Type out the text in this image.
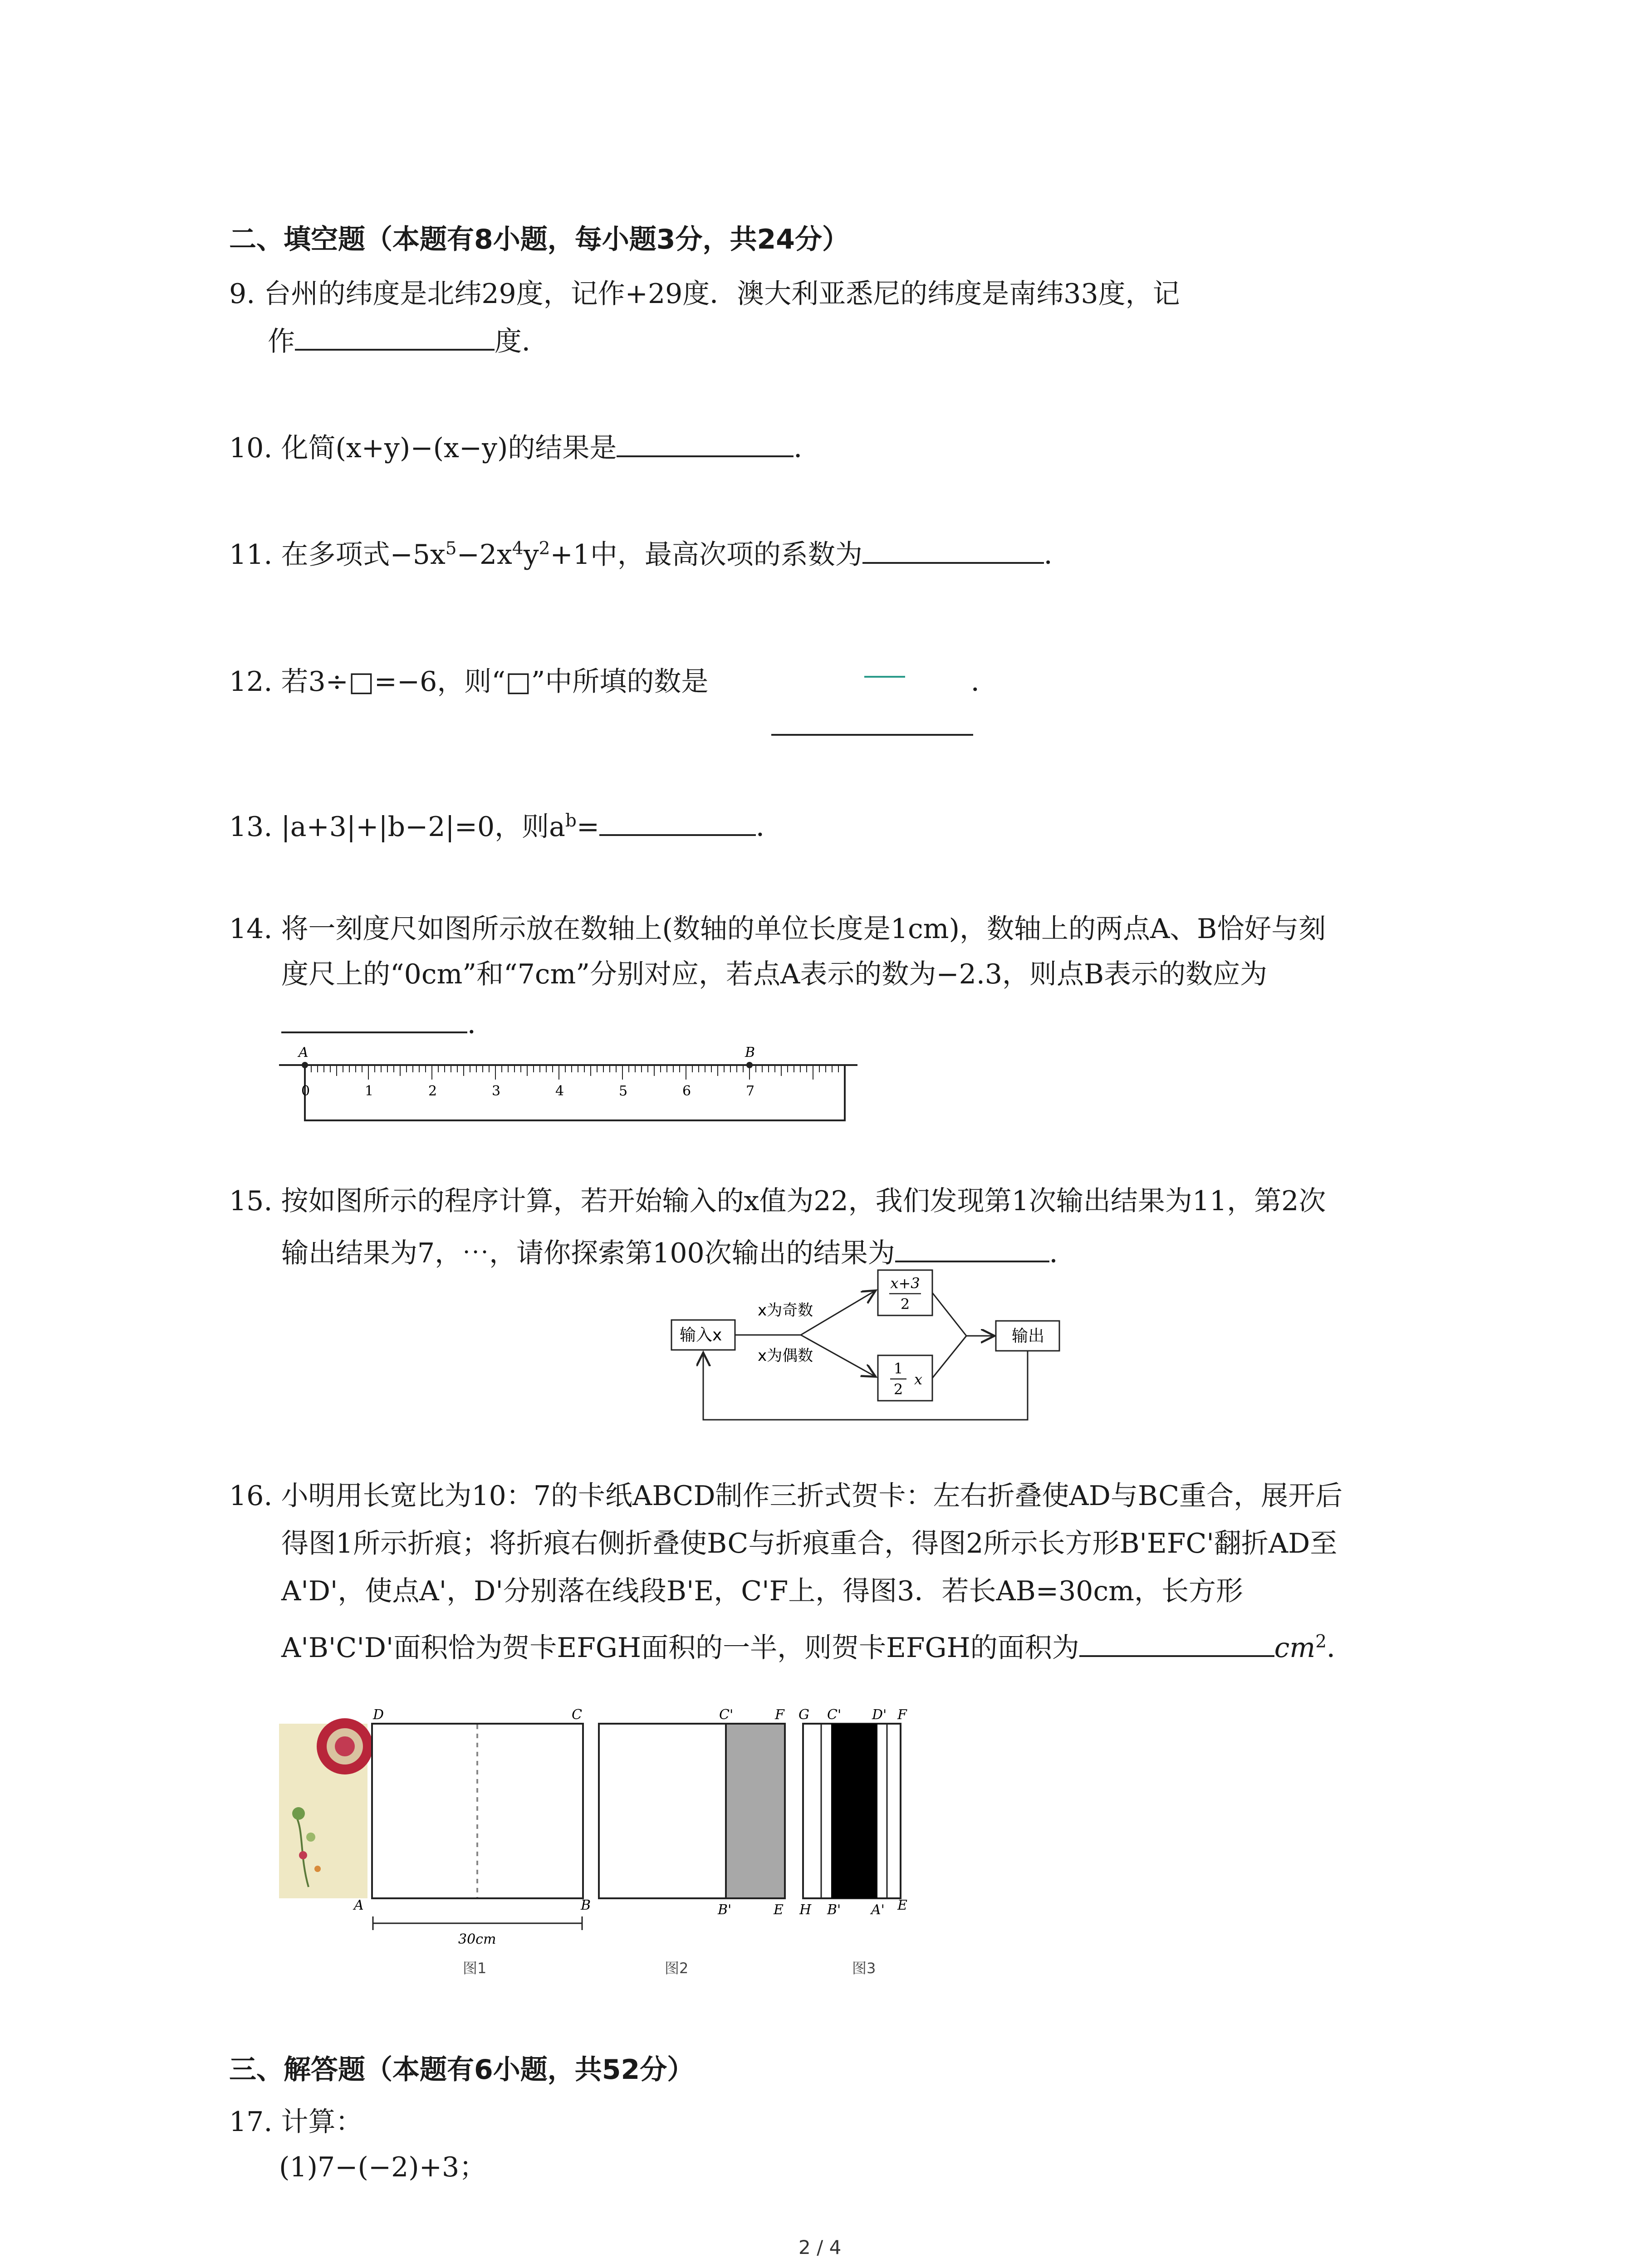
二、填空题（本题有8小题，每小题3分，共24分）
9. 台州的纬度是北纬29度，记作+29度．澳大利亚悉尼的纬度是南纬33度，记
作	度．
10. 化简(x+y)−(x−y)的结果是	．
11. 在多项式$-5x^5-2x^4y^2+1$中，最高次项的系数为	．
12. 若3÷□=−6，则“□”中所填的数是	．
13. |a+3|+|b−2|=0，则$a^b=$	．
14. 将一刻度尺如图所示放在数轴上(数轴的单位长度是1cm)，数轴上的两点A、B恰好与刻
度尺上的“0cm”和“7cm”分别对应，若点A表示的数为−2.3，则点B表示的数应为
．
A	B
0	1	2	3	4	5	6	7
15. 按如图所示的程序计算，若开始输入的x值为22，我们发现第1次输出结果为11，第2次
输出结果为7，⋯，请你探索第100次输出的结果为	．
输入x
x为奇数
x为偶数
x+3
2
1
2
x
输出
16. 小明用长宽比为10：7的卡纸ABCD制作三折式贺卡：左右折叠使AD与BC重合，展开后
得图1所示折痕；将折痕右侧折叠使BC与折痕重合，得图2所示长方形B'EFC'翻折AD至
A'D'，使点A'，D'分别落在线段B'E，C'F上，得图3．若长AB=30cm，长方形
A'B'C'D'面积恰为贺卡EFGH面积的一半，则贺卡EFGH的面积为	$cm^2$．
D	C
A	B
30cm
图1
C'	F
B'	E
图2
G C' D' F
H B' A' E
图3
三、解答题（本题有6小题，共52分）
17. 计算：
(1)7−(−2)+3；
2 / 4
